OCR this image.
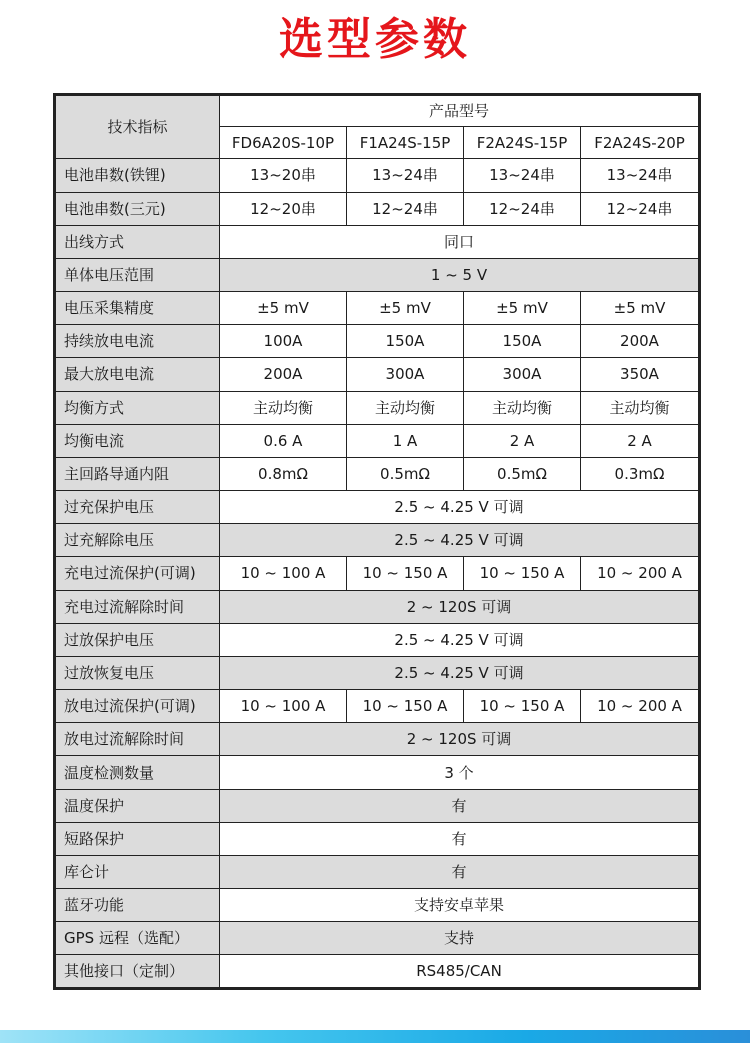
选型参数
技术指标	产品型号			
	FD6A20S-10P	F1A24S-15P	F2A24S-15P	F2A24S-20P
电池串数(铁锂)	13~20串	13~24串	13~24串	13~24串
电池串数(三元)	12~20串	12~24串	12~24串	12~24串
出线方式	同口			
单体电压范围	1 ~ 5 V			
电压采集精度	±5 mV	±5 mV	±5 mV	±5 mV
持续放电电流	100A	150A	150A	200A
最大放电电流	200A	300A	300A	350A
均衡方式	主动均衡	主动均衡	主动均衡	主动均衡
均衡电流	0.6 A	1 A	2 A	2 A
主回路导通内阻	0.8mΩ	0.5mΩ	0.5mΩ	0.3mΩ
过充保护电压	2.5 ~ 4.25 V 可调			
过充解除电压	2.5 ~ 4.25 V 可调			
充电过流保护(可调)	10 ~ 100 A	10 ~ 150 A	10 ~ 150 A	10 ~ 200 A
充电过流解除时间	2 ~ 120S 可调			
过放保护电压	2.5 ~ 4.25 V 可调			
过放恢复电压	2.5 ~ 4.25 V 可调			
放电过流保护(可调)	10 ~ 100 A	10 ~ 150 A	10 ~ 150 A	10 ~ 200 A
放电过流解除时间	2 ~ 120S 可调			
温度检测数量	3 个			
温度保护	有			
短路保护	有			
库仑计	有			
蓝牙功能	支持安卓苹果			
GPS 远程（选配）	支持			
其他接口（定制）	RS485/CAN			
